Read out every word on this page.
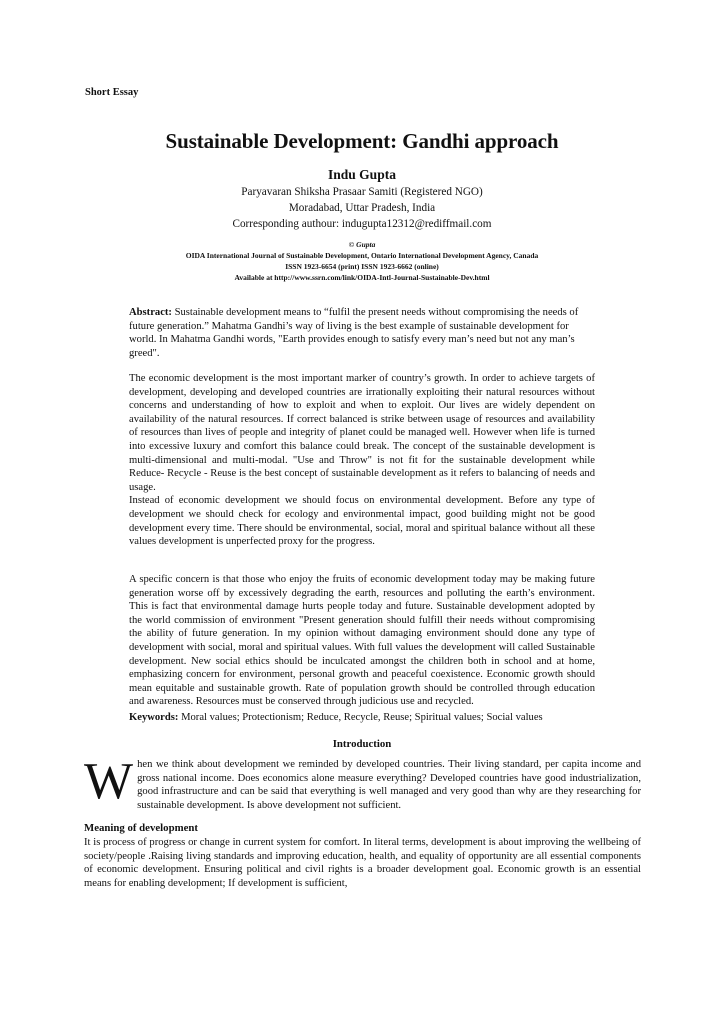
Short Essay
Sustainable Development: Gandhi approach
Indu Gupta
Paryavaran Shiksha Prasaar Samiti (Registered NGO)
Moradabad, Uttar Pradesh, India
Corresponding authour: indugupta12312@rediffmail.com
© Gupta
OIDA International Journal of Sustainable Development, Ontario International Development Agency, Canada
ISSN 1923-6654 (print) ISSN 1923-6662 (online)
Available at http://www.ssrn.com/link/OIDA-Intl-Journal-Sustainable-Dev.html
Abstract: Sustainable development means to “fulfil the present needs without compromising the needs of future generation.” Mahatma Gandhi’s way of living is the best example of sustainable development for world. In Mahatma Gandhi words, "Earth provides enough to satisfy every man’s need but not any man’s greed".

The economic development is the most important marker of country’s growth. In order to achieve targets of development, developing and developed countries are irrationally exploiting their natural resources without concerns and understanding of how to exploit and when to exploit. Our lives are widely dependent on availability of the natural resources. If correct balanced is strike between usage of resources and availability of resources than lives of people and integrity of planet could be managed well. However when life is turned into excessive luxury and comfort this balance could break. The concept of the sustainable development is multi-dimensional and multi-modal. "Use and Throw" is not fit for the sustainable development while Reduce- Recycle - Reuse is the best concept of sustainable development as it refers to balancing of needs and usage.

Instead of economic development we should focus on environmental development. Before any type of development we should check for ecology and environmental impact, good building might not be good development every time. There should be environmental, social, moral and spiritual balance without all these values development is unperfected proxy for the progress.

A specific concern is that those who enjoy the fruits of economic development today may be making future generation worse off by excessively degrading the earth, resources and polluting the earth’s environment. This is fact that environmental damage hurts people today and future. Sustainable development adopted by the world commission of environment "Present generation should fulfill their needs without compromising the ability of future generation. In my opinion without damaging environment should done any type of development with social, moral and spiritual values. With full values the development will called Sustainable development. New social ethics should be inculcated amongst the children both in school and at home, emphasizing concern for environment, personal growth and peaceful coexistence. Economic growth should mean equitable and sustainable growth. Rate of population growth should be controlled through education and awareness. Resources must be conserved through judicious use and recycled.

Keywords: Moral values; Protectionism; Reduce, Recycle, Reuse; Spiritual values; Social values
Introduction
When we think about development we reminded by developed countries. Their living standard, per capita income and gross national income. Does economics alone measure everything? Developed countries have good industrialization, good infrastructure and can be said that everything is well managed and very good than why are they researching for sustainable development. Is above development not sufficient.
Meaning of development
It is process of progress or change in current system for comfort. In literal terms, development is about improving the wellbeing of society/people .Raising living standards and improving education, health, and equality of opportunity are all essential components of economic development. Ensuring political and civil rights is a broader development goal. Economic growth is an essential means for enabling development; If development is sufficient,
